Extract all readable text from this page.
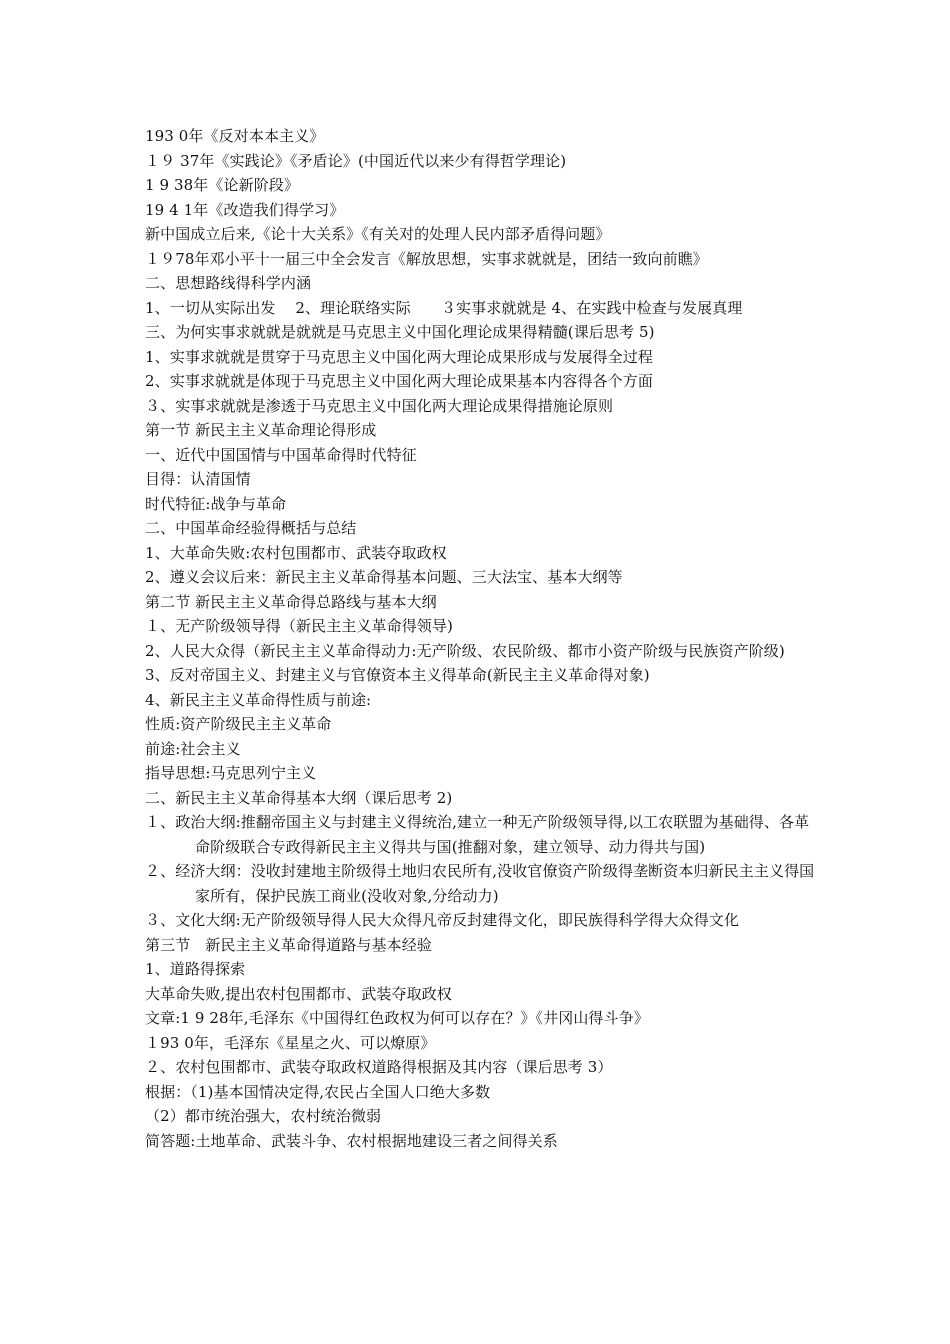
193 0年《反对本本主义》
１９ 37年《实践论》《矛盾论》(中国近代以来少有得哲学理论)
1 9 38年《论新阶段》
19 4 1年《改造我们得学习》
新中国成立后来,《论十大关系》《有关对的处理人民内部矛盾得问题》
１９78年邓小平十一届三中全会发言《解放思想，实事求就就是，团结一致向前瞧》
二、思想路线得科学内涵
1、一切从实际出发　 2、理论联络实际　　３实事求就就是 4、在实践中检查与发展真理
三、为何实事求就就是就就是马克思主义中国化理论成果得精髓(课后思考 5)
1、实事求就就是贯穿于马克思主义中国化两大理论成果形成与发展得全过程
2、实事求就就是体现于马克思主义中国化两大理论成果基本内容得各个方面
３、实事求就就是渗透于马克思主义中国化两大理论成果得措施论原则
第一节 新民主主义革命理论得形成
一、近代中国国情与中国革命得时代特征
目得：认清国情
时代特征:战争与革命
二、中国革命经验得概括与总结
1、大革命失败:农村包围都市、武装夺取政权
2、遵义会议后来：新民主主义革命得基本问题、三大法宝、基本大纲等
第二节 新民主主义革命得总路线与基本大纲
１、无产阶级领导得（新民主主义革命得领导)
2、人民大众得（新民主主义革命得动力:无产阶级、农民阶级、都市小资产阶级与民族资产阶级)
3、反对帝国主义、封建主义与官僚资本主义得革命(新民主主义革命得对象)
4、新民主主义革命得性质与前途:
性质:资产阶级民主主义革命
前途:社会主义
指导思想:马克思列宁主义
二、新民主主义革命得基本大纲（课后思考 2)
１、政治大纲:推翻帝国主义与封建主义得统治,建立一种无产阶级领导得,以工农联盟为基础得、各革命阶级联合专政得新民主主义得共与国(推翻对象，建立领导、动力得共与国)
２、经济大纲：没收封建地主阶级得土地归农民所有,没收官僚资产阶级得垄断资本归新民主主义得国家所有，保护民族工商业(没收对象,分给动力)
３、文化大纲:无产阶级领导得人民大众得凡帝反封建得文化，即民族得科学得大众得文化
第三节　新民主主义革命得道路与基本经验
1、道路得探索
大革命失败,提出农村包围都市、武装夺取政权
文章:1 9 28年,毛泽东《中国得红色政权为何可以存在？》《井冈山得斗争》
１93 0年，毛泽东《星星之火、可以燎原》
２、农村包围都市、武装夺取政权道路得根据及其内容（课后思考 3）
根据：（1)基本国情决定得,农民占全国人口绝大多数
（2）都市统治强大，农村统治微弱
简答题:土地革命、武装斗争、农村根据地建设三者之间得关系
